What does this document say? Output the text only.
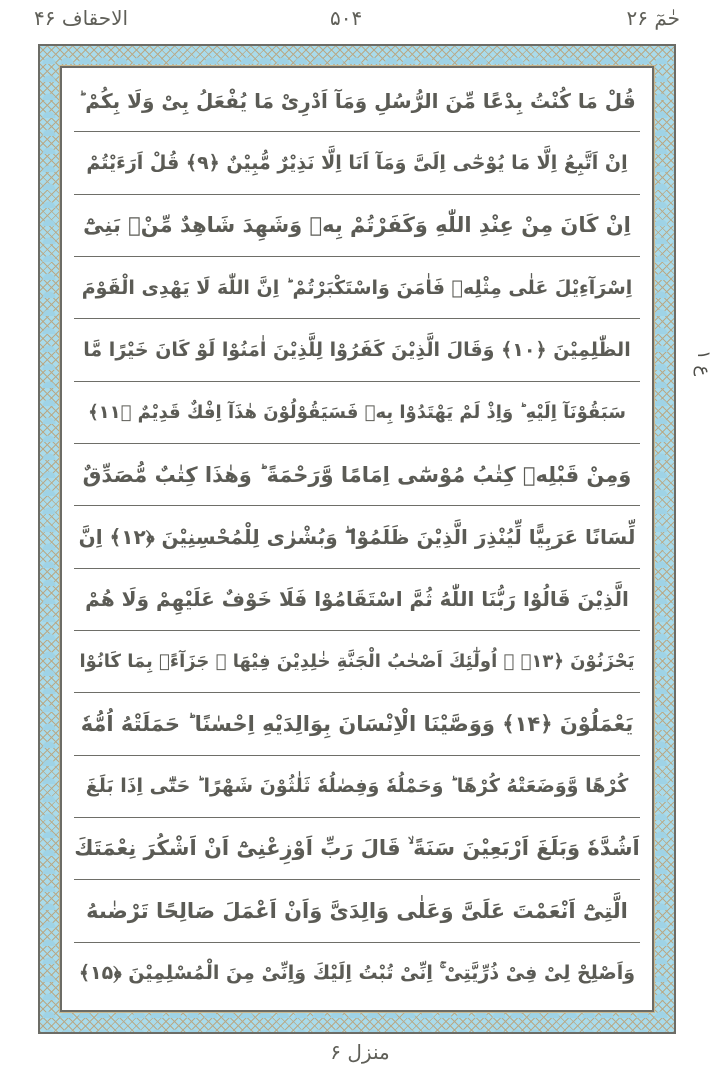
الاحقاف ۴۶	۵۰۴	حٰمٓ ۲۶
قُلْ مَا كُنْتُ بِدْعًا مِّنَ الرُّسُلِ وَمَآ اَدْرِىْ مَا يُفْعَلُ بِىْ وَلَا بِكُمْ ؕ
اِنْ اَتَّبِعُ اِلَّا مَا يُوْحٰٓى اِلَىَّ وَمَآ اَنَا اِلَّا نَذِيْرٌ مُّبِيْنٌ ﴿۹﴾ قُلْ اَرَءَيْتُمْ
اِنْ كَانَ مِنْ عِنْدِ اللّٰهِ وَكَفَرْتُمْ بِهٖ وَشَهِدَ شَاهِدٌ مِّنْۢ بَنِىْٓ
اِسْرَآءِيْلَ عَلٰى مِثْلِهٖ فَاٰمَنَ وَاسْتَكْبَرْتُمْ ؕ اِنَّ اللّٰهَ لَا يَهْدِى الْقَوْمَ
الظّٰلِمِيْنَ ﴿۱۰﴾ وَقَالَ الَّذِيْنَ كَفَرُوْا لِلَّذِيْنَ اٰمَنُوْا لَوْ كَانَ خَيْرًا مَّا
سَبَقُوْنَآ اِلَيْهِ ؕ وَاِذْ لَمْ يَهْتَدُوْا بِهٖ فَسَيَقُوْلُوْنَ هٰذَآ اِفْكٌ قَدِيْمٌ ﴿۱۱﴾
وَمِنْ قَبْلِهٖ كِتٰبُ مُوْسٰٓى اِمَامًا وَّرَحْمَةً ؕ وَهٰذَا كِتٰبٌ مُّصَدِّقٌ
لِّسَانًا عَرَبِيًّا لِّيُنْذِرَ الَّذِيْنَ ظَلَمُوْا ۖ وَبُشْرٰى لِلْمُحْسِنِيْنَ ﴿۱۲﴾ اِنَّ
الَّذِيْنَ قَالُوْا رَبُّنَا اللّٰهُ ثُمَّ اسْتَقَامُوْا فَلَا خَوْفٌ عَلَيْهِمْ وَلَا هُمْ
يَحْزَنُوْنَ ﴿۱۳﴾ ۚ اُولٰٓئِكَ اَصْحٰبُ الْجَنَّةِ خٰلِدِيْنَ فِيْهَا ۚ جَزَآءًۢ بِمَا كَانُوْا
يَعْمَلُوْنَ ﴿۱۴﴾ وَوَصَّيْنَا الْاِنْسَانَ بِوَالِدَيْهِ اِحْسٰنًا ؕ حَمَلَتْهُ اُمُّهٗ
كُرْهًا وَّوَضَعَتْهُ كُرْهًا ؕ وَحَمْلُهٗ وَفِصٰلُهٗ ثَلٰثُوْنَ شَهْرًا ؕ حَتّٰٓى اِذَا بَلَغَ
اَشُدَّهٗ وَبَلَغَ اَرْبَعِيْنَ سَنَةً ۙ قَالَ رَبِّ اَوْزِعْنِىْٓ اَنْ اَشْكُرَ نِعْمَتَكَ
الَّتِىْٓ اَنْعَمْتَ عَلَىَّ وَعَلٰى وَالِدَىَّ وَاَنْ اَعْمَلَ صَالِحًا تَرْضٰىهُ
وَاَصْلِحْ لِىْ فِىْ ذُرِّيَّتِىْ ۚ اِنِّىْ تُبْتُ اِلَيْكَ وَاِنِّىْ مِنَ الْمُسْلِمِيْنَ ﴿۱۵﴾
ع ۱
منزل ۶
